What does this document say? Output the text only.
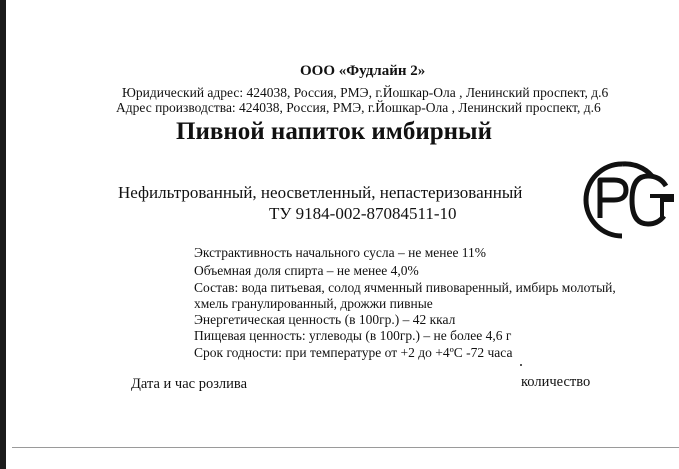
ООО «Фудлайн 2»
Юридический адрес: 424038, Россия, РМЭ, г.Йошкар-Ола , Ленинский проспект, д.6
Адрес производства: 424038, Россия, РМЭ, г.Йошкар-Ола , Ленинский проспект, д.6
Пивной напиток имбирный
Нефильтрованный, неосветленный, непастеризованный
ТУ 9184-002-87084511-10
Экстрактивность начального сусла – не менее 11%
Объемная доля спирта – не менее 4,0%
Состав: вода питьевая, солод ячменный пивоваренный, имбирь молотый,
хмель гранулированный, дрожжи пивные
Энергетическая ценность (в 100гр.) – 42 ккал
Пищевая ценность: углеводы (в 100гр.) – не более 4,6 г
Срок годности: при температуре от +2 до +4ºС -72 часа
Дата и час розлива	количество
